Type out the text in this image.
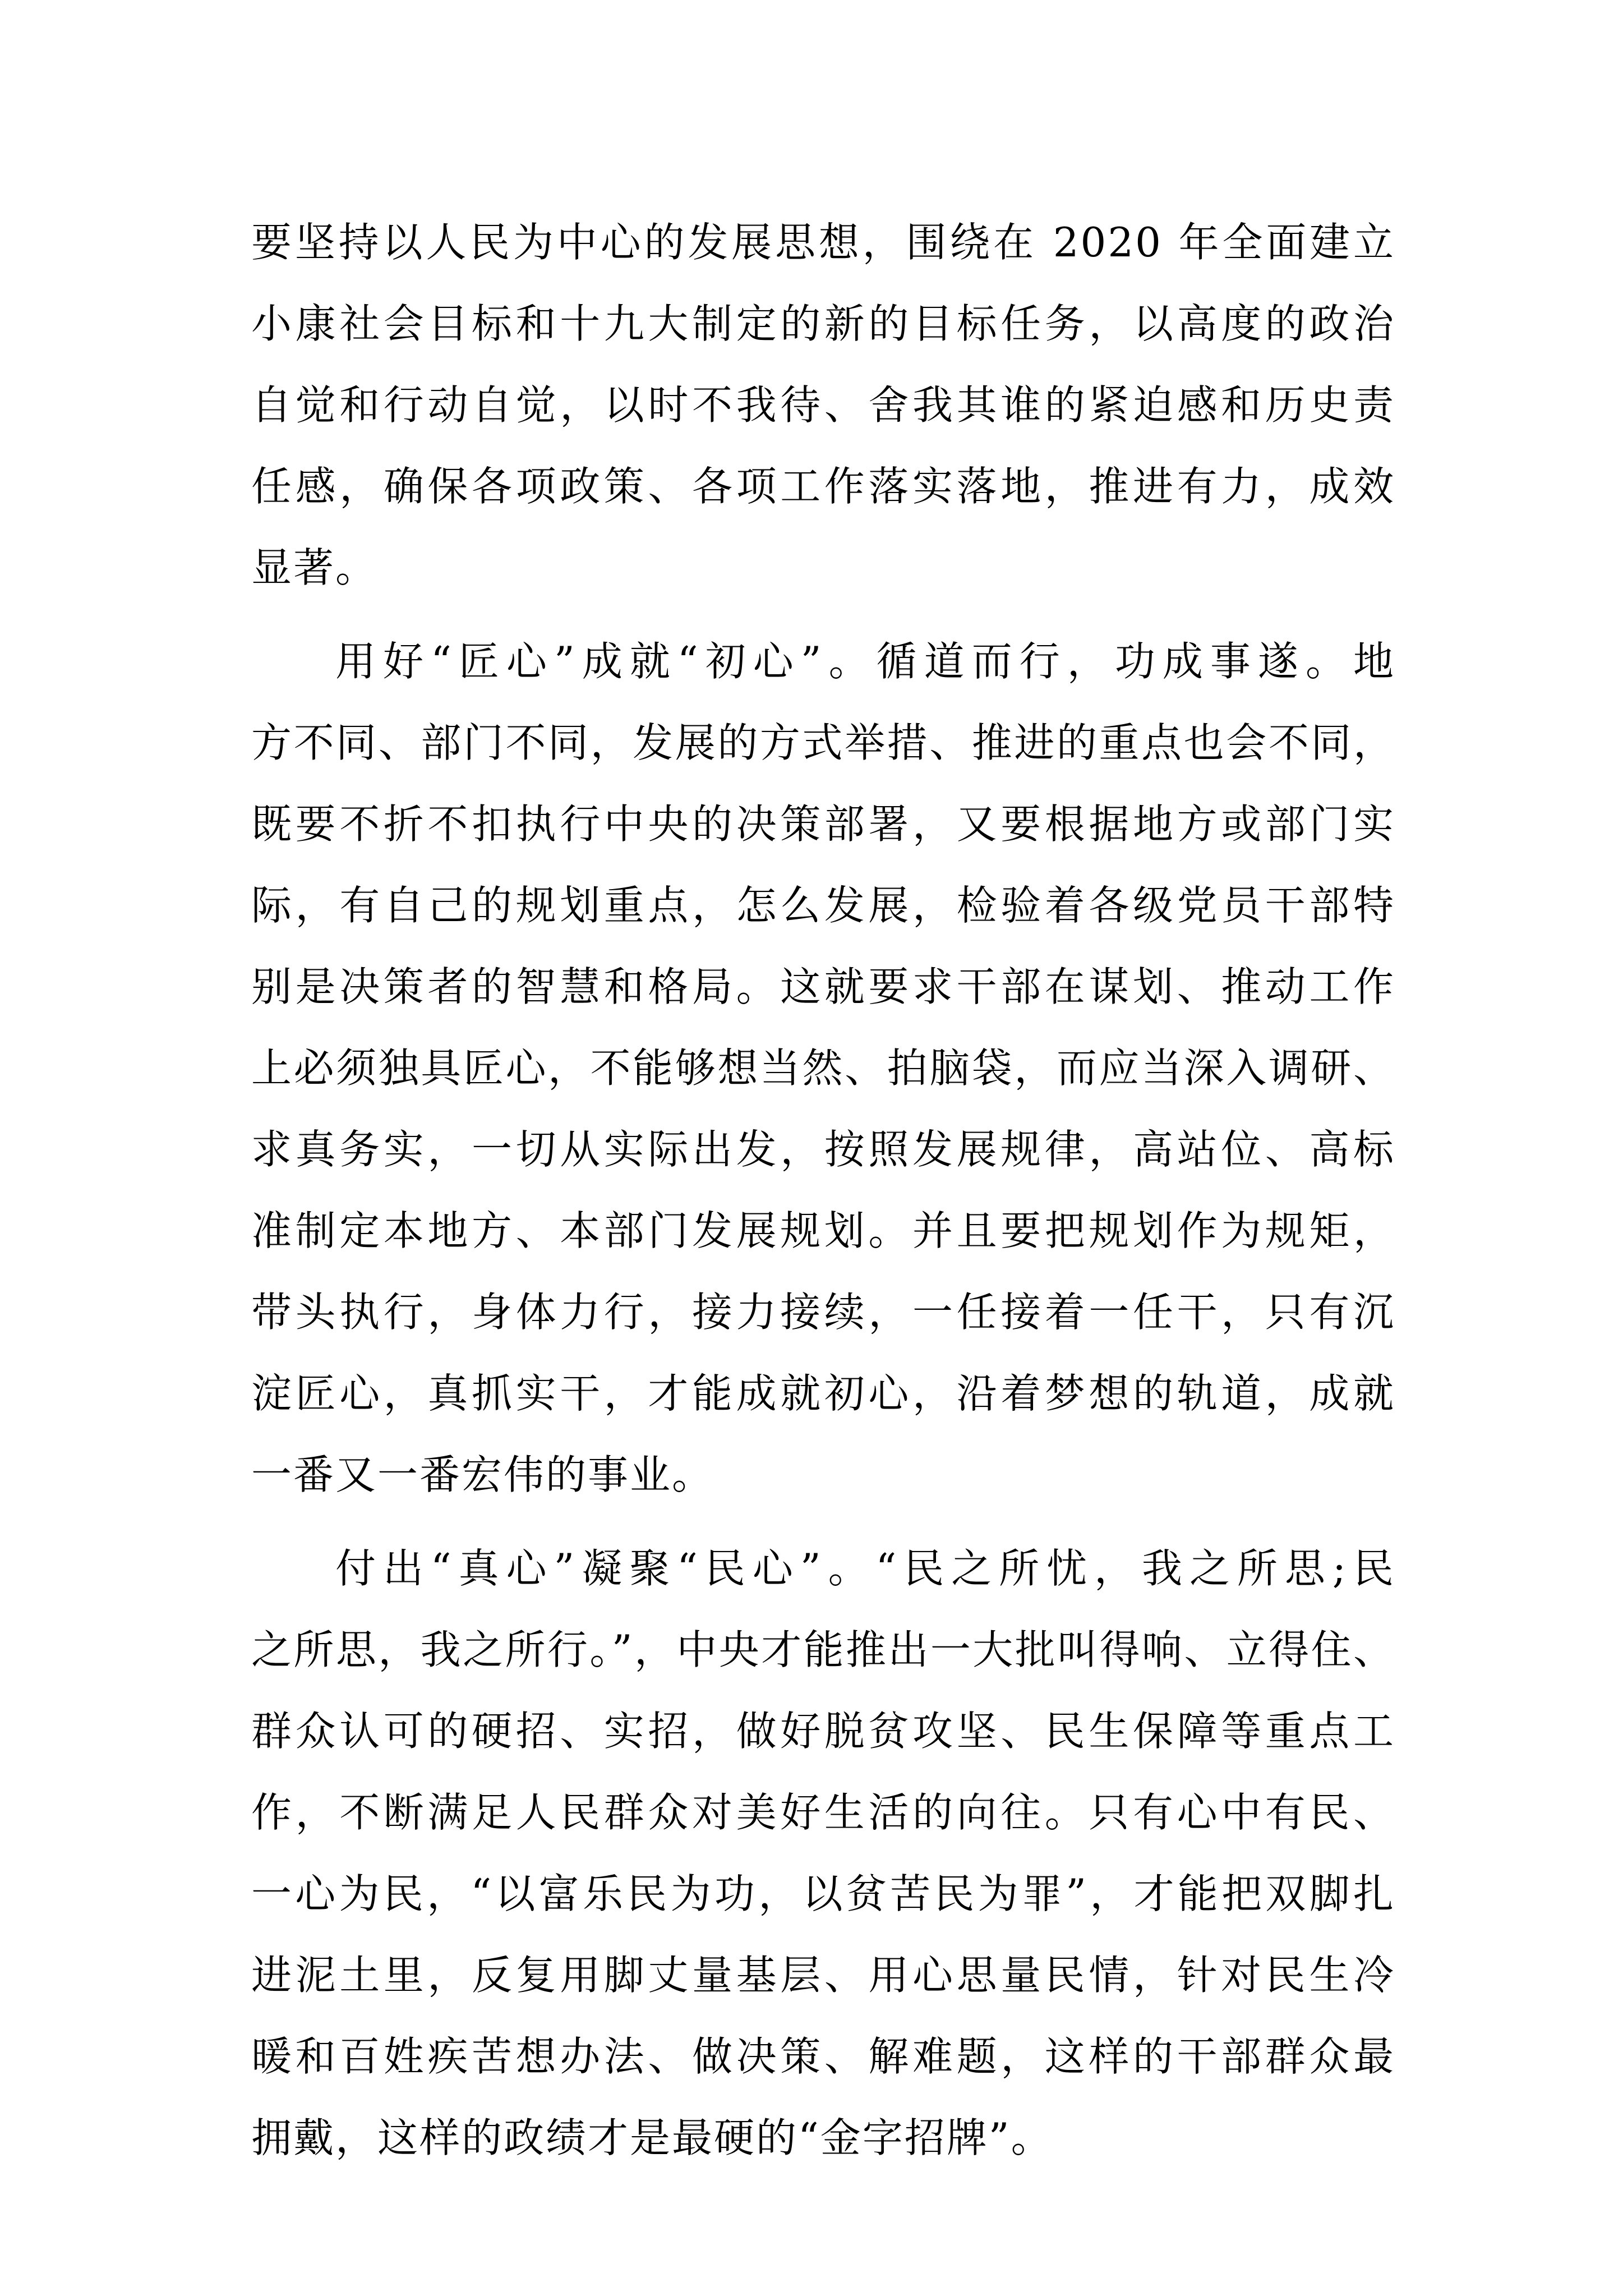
要坚持以人民为中心的发展思想，围绕在 2020 年全面建立
小康社会目标和十九大制定的新的目标任务，以高度的政治
自觉和行动自觉，以时不我待、舍我其谁的紧迫感和历史责
任感，确保各项政策、各项工作落实落地，推进有力，成效
显著。
用好“匠心”成就“初心”。循道而行，功成事遂。地
方不同、部门不同，发展的方式举措、推进的重点也会不同，
既要不折不扣执行中央的决策部署，又要根据地方或部门实
际，有自己的规划重点，怎么发展，检验着各级党员干部特
别是决策者的智慧和格局。这就要求干部在谋划、推动工作
上必须独具匠心，不能够想当然、拍脑袋，而应当深入调研、
求真务实，一切从实际出发，按照发展规律，高站位、高标
准制定本地方、本部门发展规划。并且要把规划作为规矩，
带头执行，身体力行，接力接续，一任接着一任干，只有沉
淀匠心，真抓实干，才能成就初心，沿着梦想的轨道，成就
一番又一番宏伟的事业。
付出“真心”凝聚“民心”。“民之所忧，我之所思;民
之所思，我之所行。”，中央才能推出一大批叫得响、立得住、
群众认可的硬招、实招，做好脱贫攻坚、民生保障等重点工
作，不断满足人民群众对美好生活的向往。只有心中有民、
一心为民，“以富乐民为功，以贫苦民为罪”，才能把双脚扎
进泥土里，反复用脚丈量基层、用心思量民情，针对民生冷
暖和百姓疾苦想办法、做决策、解难题，这样的干部群众最
拥戴，这样的政绩才是最硬的“金字招牌”。
